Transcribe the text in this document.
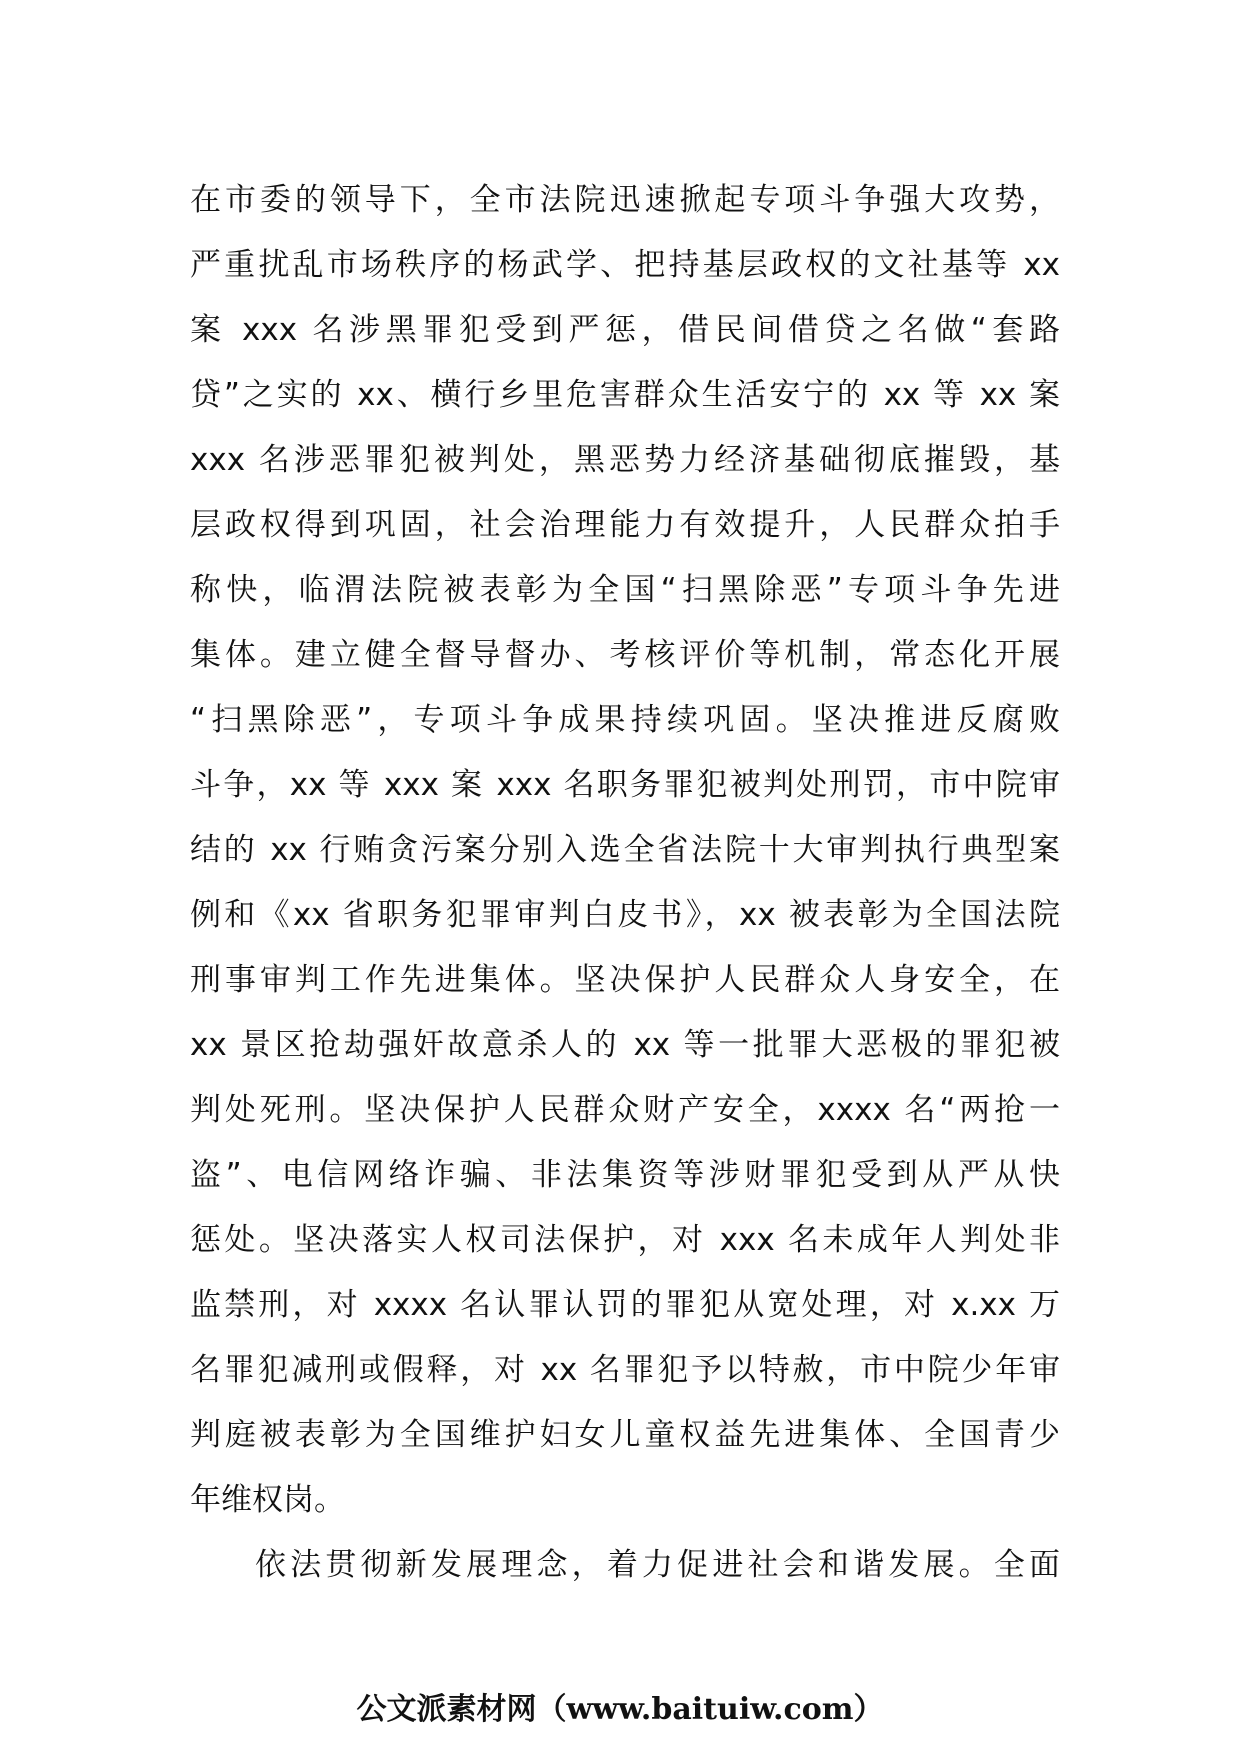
在市委的领导下，全市法院迅速掀起专项斗争强大攻势，
严重扰乱市场秩序的杨武学、把持基层政权的文社基等 xx
案 xxx 名涉黑罪犯受到严惩，借民间借贷之名做“套路
贷”之实的 xx、横行乡里危害群众生活安宁的 xx 等 xx 案
xxx 名涉恶罪犯被判处，黑恶势力经济基础彻底摧毁，基
层政权得到巩固，社会治理能力有效提升，人民群众拍手
称快，临渭法院被表彰为全国“扫黑除恶”专项斗争先进
集体。建立健全督导督办、考核评价等机制，常态化开展
“扫黑除恶”，专项斗争成果持续巩固。坚决推进反腐败
斗争，xx 等 xxx 案 xxx 名职务罪犯被判处刑罚，市中院审
结的 xx 行贿贪污案分别入选全省法院十大审判执行典型案
例和《xx 省职务犯罪审判白皮书》，xx 被表彰为全国法院
刑事审判工作先进集体。坚决保护人民群众人身安全，在
xx 景区抢劫强奸故意杀人的 xx 等一批罪大恶极的罪犯被
判处死刑。坚决保护人民群众财产安全，xxxx 名“两抢一
盗”、电信网络诈骗、非法集资等涉财罪犯受到从严从快
惩处。坚决落实人权司法保护，对 xxx 名未成年人判处非
监禁刑，对 xxxx 名认罪认罚的罪犯从宽处理，对 x.xx 万
名罪犯减刑或假释，对 xx 名罪犯予以特赦，市中院少年审
判庭被表彰为全国维护妇女儿童权益先进集体、全国青少
年维权岗。
依法贯彻新发展理念，着力促进社会和谐发展。全面
公文派素材网（www.baituiw.com）
